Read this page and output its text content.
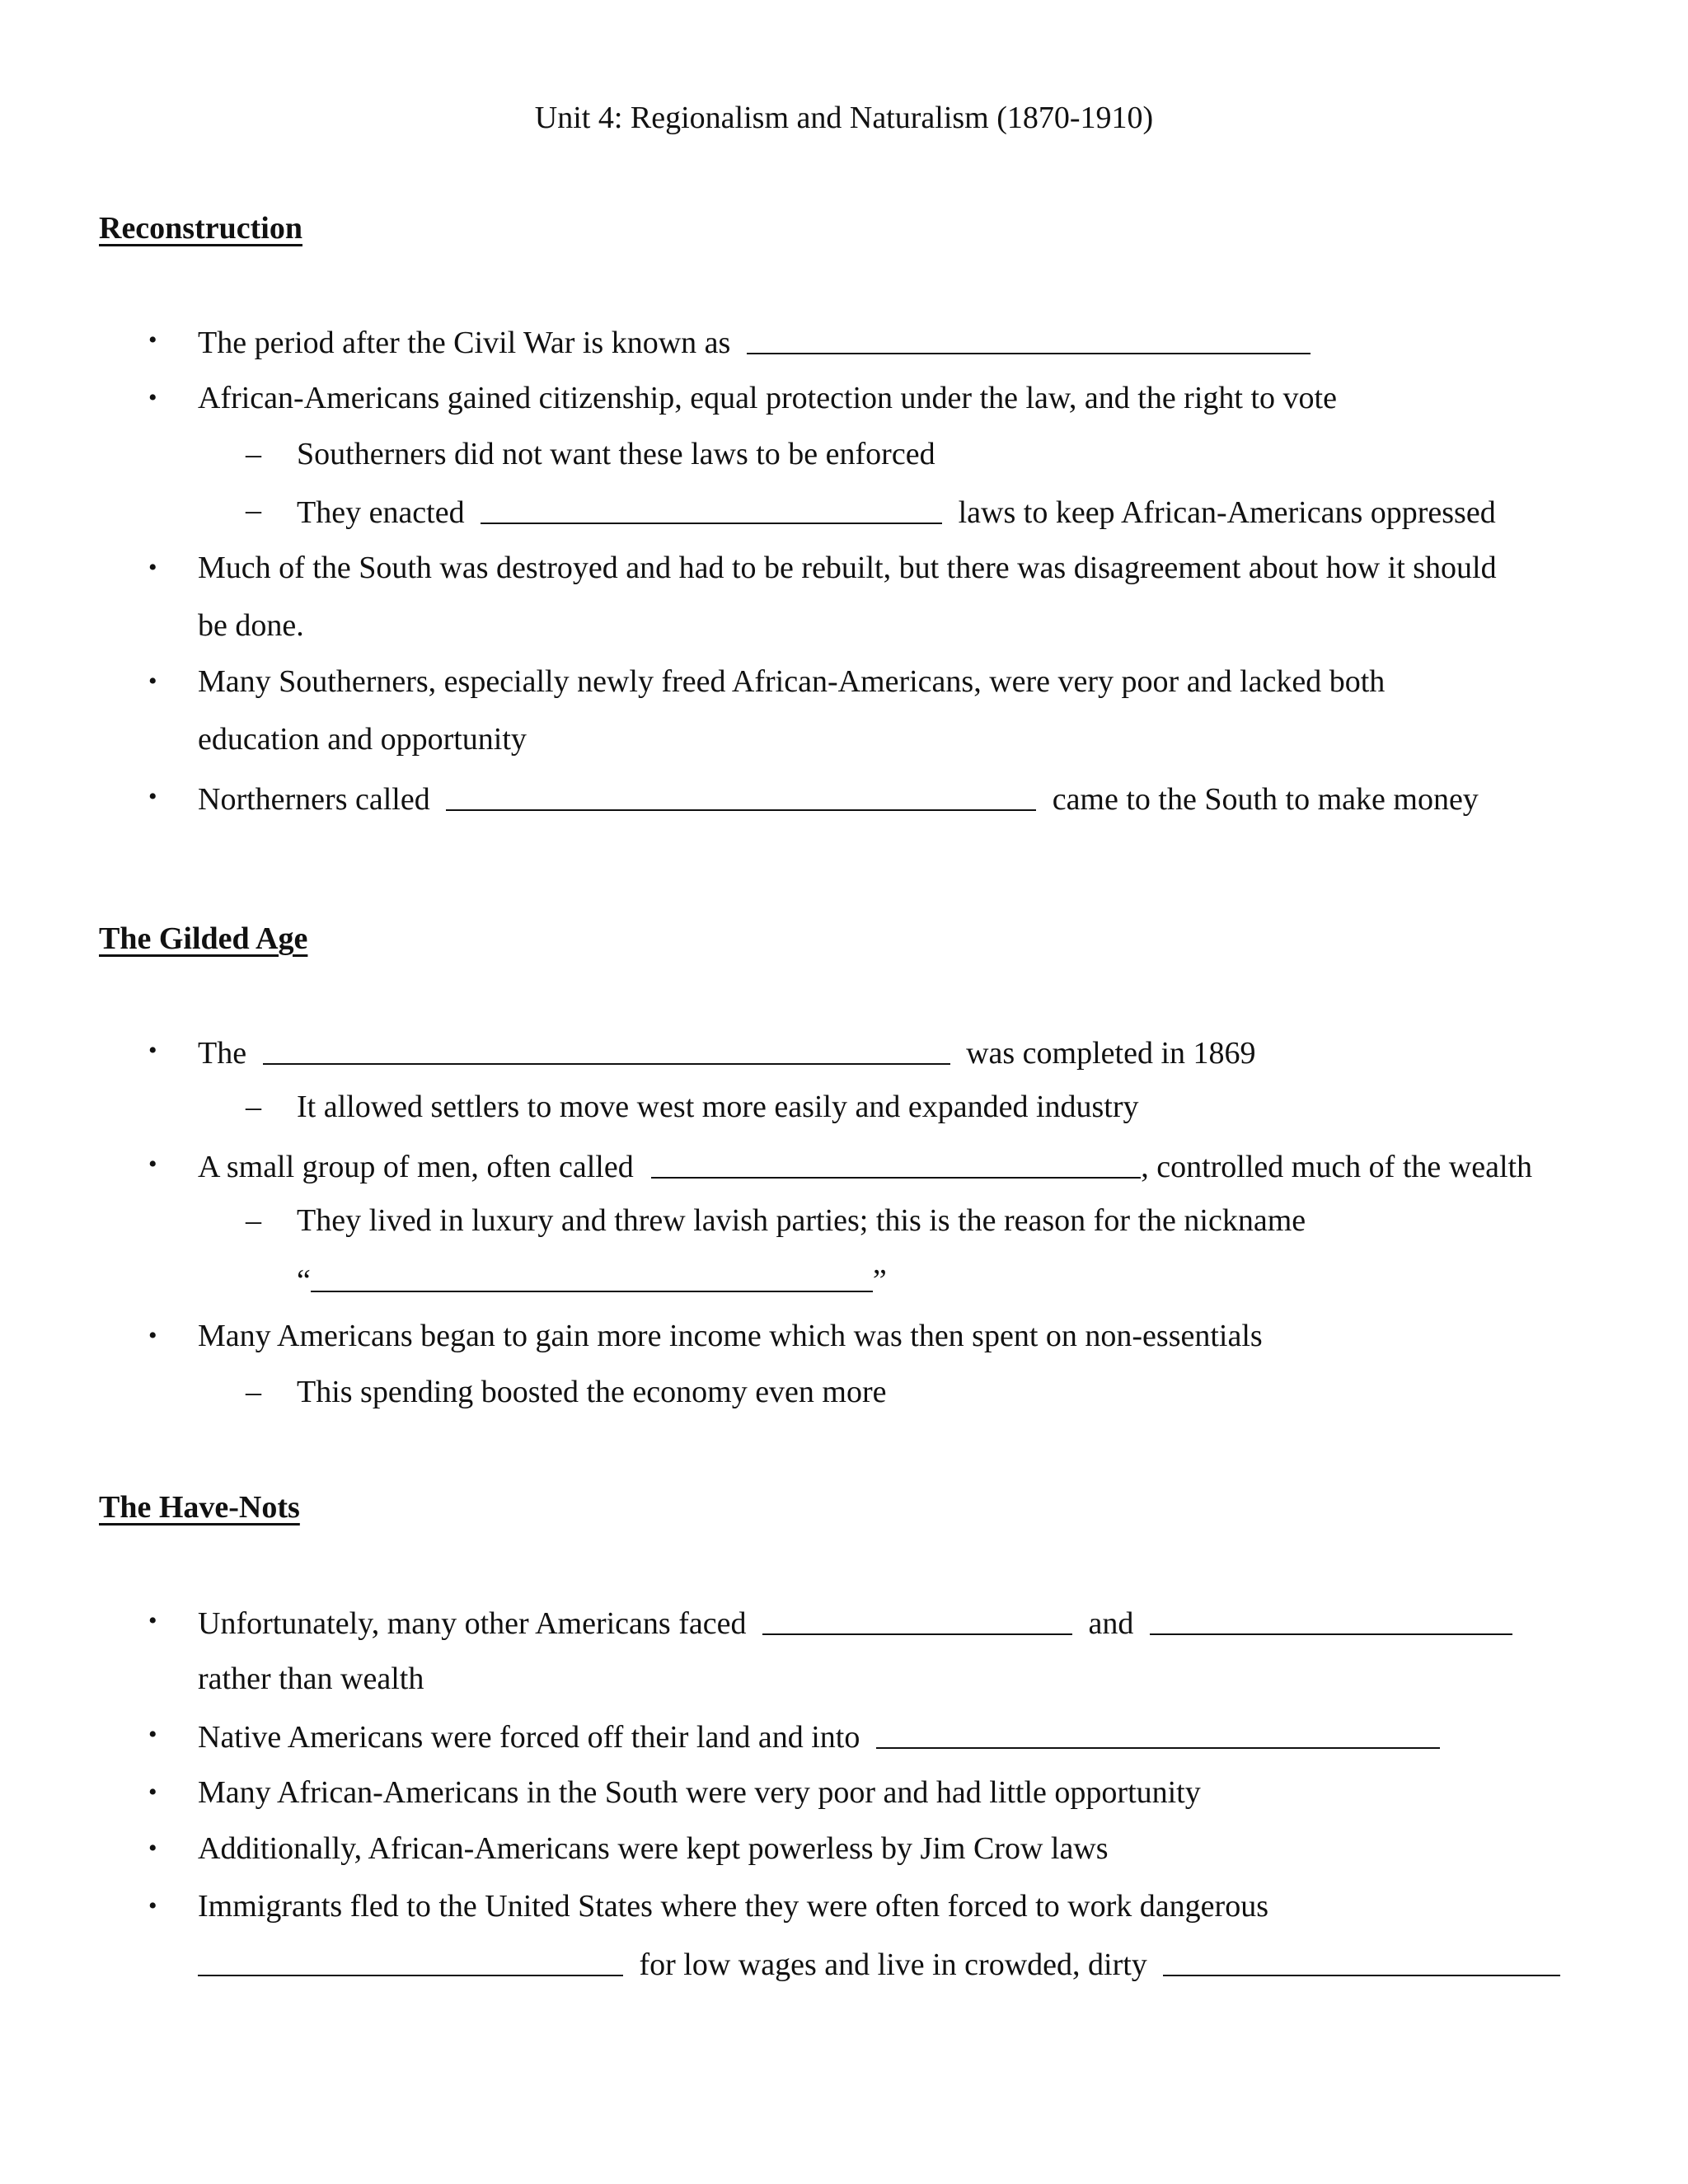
Unit 4: Regionalism and Naturalism (1870-1910)
Reconstruction
• The period after the Civil War is known as
• African-Americans gained citizenship, equal protection under the law, and the right to vote
– Southerners did not want these laws to be enforced
– They enacted	laws to keep African-Americans oppressed
• Much of the South was destroyed and had to be rebuilt, but there was disagreement about how it should
be done.
• Many Southerners, especially newly freed African-Americans, were very poor and lacked both
education and opportunity
• Northerners called	came to the South to make money
The Gilded Age
• The	was completed in 1869
– It allowed settlers to move west more easily and expanded industry
• A small group of men, often called	, controlled much of the wealth
– They lived in luxury and threw lavish parties; this is the reason for the nickname
“	”
• Many Americans began to gain more income which was then spent on non-essentials
– This spending boosted the economy even more
The Have-Nots
• Unfortunately, many other Americans faced	and
rather than wealth
• Native Americans were forced off their land and into
• Many African-Americans in the South were very poor and had little opportunity
• Additionally, African-Americans were kept powerless by Jim Crow laws
• Immigrants fled to the United States where they were often forced to work dangerous
for low wages and live in crowded, dirty
